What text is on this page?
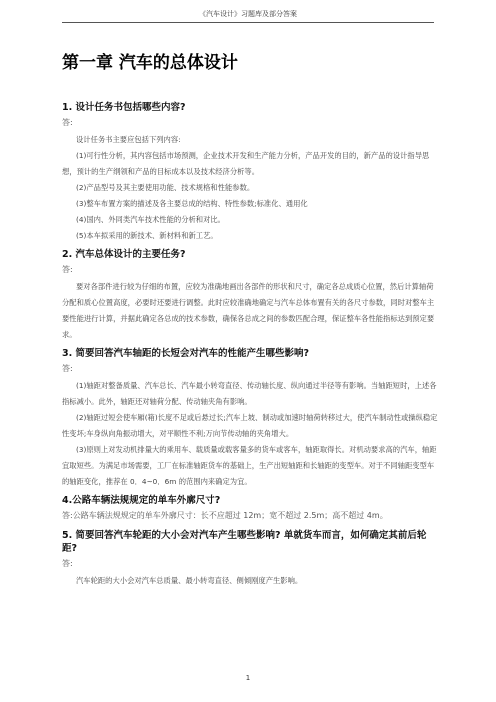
《汽车设计》习题库及部分答案
第一章 汽车的总体设计

1. 设计任务书包括哪些内容?

答:

设计任务书主要应包括下列内容:

(1)可行性分析，其内容包括市场预测，企业技术开发和生产能力分析，产品开发的目的，新产品的设计指导思想，预计的生产纲领和产品的目标成本以及技术经济分析等。

(2)产品型号及其主要使用功能、技术规格和性能参数。

(3)整车布置方案的描述及各主要总成的结构、特性参数;标准化、通用化

(4)国内、外同类汽车技术性能的分析和对比。

(5)本车拟采用的新技术、新材料和新工艺。

2. 汽车总体设计的主要任务?

答:

要对各部件进行较为仔细的布置，应较为准确地画出各部件的形状和尺寸，确定各总成质心位置，然后计算轴荷分配和质心位置高度，必要时还要进行调整。此时应较准确地确定与汽车总体布置有关的各尺寸参数，同时对整车主要性能进行计算，并据此确定各总成的技术参数，确保各总成之间的参数匹配合理，保证整车各性能指标达到预定要求。

3. 简要回答汽车轴距的长短会对汽车的性能产生哪些影响?

答:

(1)轴距对整备质量、汽车总长、汽车最小转弯直径、传动轴长度、纵向通过半径等有影响。当轴距短时，上述各指标减小。此外，轴距还对轴荷分配、传动轴夹角有影响。

(2)轴距过短会使车厢(箱)长度不足或后悬过长;汽车上坡、制动或加速时轴荷转移过大，使汽车制动性或操纵稳定性变坏;车身纵向角振动增大，对平顺性不利;万向节传动轴的夹角增大。

(3)原则上对发动机排量大的乘用车、载质量或载客量多的货车或客车，轴距取得长。对机动要求高的汽车，轴距宜取短些。为满足市场需要，工厂在标准轴距货车的基础上，生产出短轴距和长轴距的变型车。对于不同轴距变型车的轴距变化，推荐在 0．4~0．6m 的范围内来确定为宜。

4.公路车辆法规规定的单车外廓尺寸?

答:公路车辆法规规定的单车外廓尺寸：长不应超过 12m；宽不超过 2.5m；高不超过 4m。

5. 简要回答汽车轮距的大小会对汽车产生哪些影响? 单就货车而言，如何确定其前后轮距?

答:

汽车轮距的大小会对汽车总质量、最小转弯直径、侧倾刚度产生影响。

1
